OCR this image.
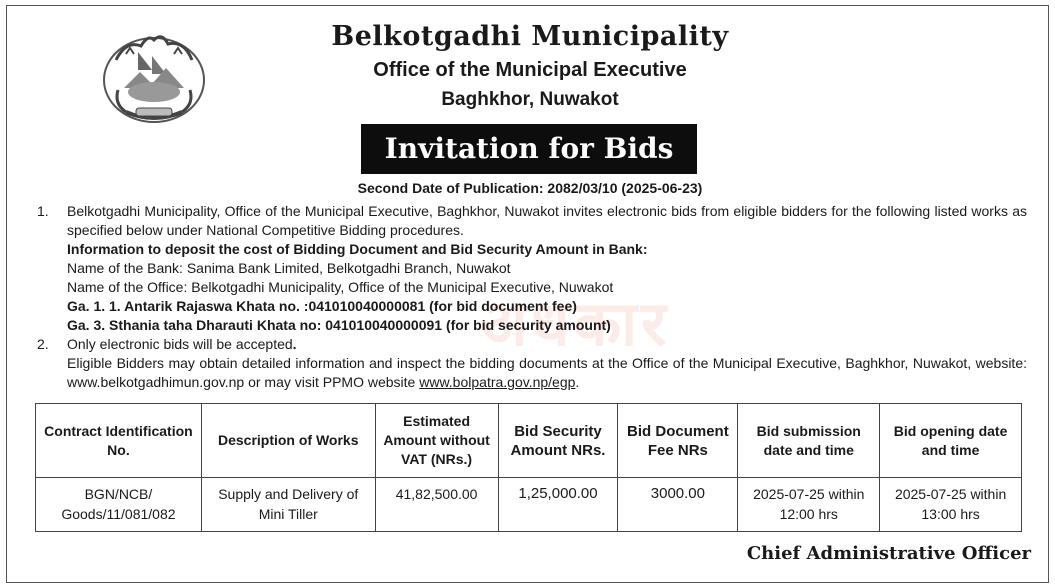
Belkotgadhi Municipality
Office of the Municipal Executive
Baghkhor, Nuwakot
Invitation for Bids
Second Date of Publication: 2082/03/10 (2025-06-23)
1. Belkotgadhi Municipality, Office of the Municipal Executive, Baghkhor, Nuwakot invites electronic bids from eligible bidders for the following listed works as specified below under National Competitive Bidding procedures.
Information to deposit the cost of Bidding Document and Bid Security Amount in Bank:
Name of the Bank: Sanima Bank Limited, Belkotgadhi Branch, Nuwakot
Name of the Office: Belkotgadhi Municipality, Office of the Municipal Executive, Nuwakot
Ga. 1. 1. Antarik Rajaswa Khata no. :041010040000081 (for bid document fee)
Ga. 3. Sthania taha Dharauti Khata no: 041010040000091 (for bid security amount)
2. Only electronic bids will be accepted.
Eligible Bidders may obtain detailed information and inspect the bidding documents at the Office of the Municipal Executive, Baghkhor, Nuwakot, website: www.belkotgadhimun.gov.np or may visit PPMO website www.bolpatra.gov.np/egp.
Contract Identification No.	Description of Works	Estimated Amount without VAT (NRs.)	Bid Security Amount NRs.	Bid Document Fee NRs	Bid submission date and time	Bid opening date and time
BGN/NCB/ Goods/11/081/082	Supply and Delivery of Mini Tiller	41,82,500.00	1,25,000.00	3000.00	2025-07-25 within 12:00 hrs	2025-07-25 within 13:00 hrs
Chief Administrative Officer
